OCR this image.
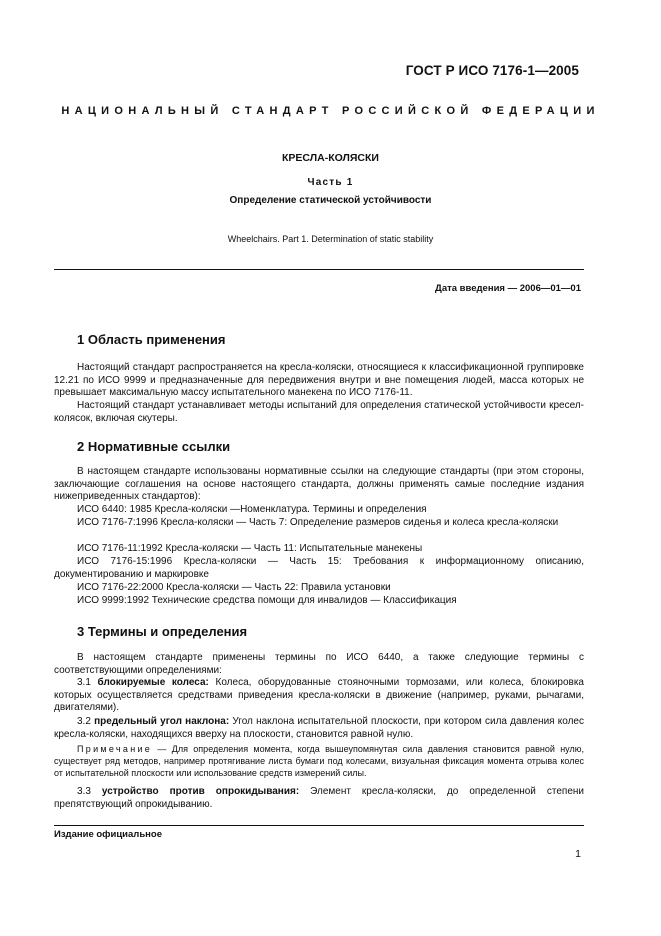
ГОСТ Р ИСО 7176-1—2005
НАЦИОНАЛЬНЫЙ СТАНДАРТ РОССИЙСКОЙ ФЕДЕРАЦИИ
КРЕСЛА-КОЛЯСКИ
Часть 1
Определение статической устойчивости
Wheelchairs. Part 1. Determination of static stability
Дата введения — 2006—01—01
1 Область применения
Настоящий стандарт распространяется на кресла-коляски, относящиеся к классификационной группировке 12.21 по ИСО 9999 и предназначенные для передвижения внутри и вне помещения людей, масса которых не превышает максимальную массу испытательного манекена по ИСО 7176-11.
Настоящий стандарт устанавливает методы испытаний для определения статической устойчивости кресел-колясок, включая скутеры.
2 Нормативные ссылки
В настоящем стандарте использованы нормативные ссылки на следующие стандарты (при этом стороны, заключающие соглашения на основе настоящего стандарта, должны применять самые последние издания нижеприведенных стандартов):
ИСО 6440: 1985 Кресла-коляски —Номенклатура. Термины и определения
ИСО 7176-7:1996 Кресла-коляски — Часть 7: Определение размеров сиденья и колеса кресла-коляски
ИСО 7176-11:1992 Кресла-коляски — Часть 11: Испытательные манекены
ИСО 7176-15:1996 Кресла-коляски — Часть 15: Требования к информационному описанию, документированию и маркировке
ИСО 7176-22:2000 Кресла-коляски — Часть 22: Правила установки
ИСО 9999:1992 Технические средства помощи для инвалидов — Классификация
3 Термины и определения
В настоящем стандарте применены термины по ИСО 6440, а также следующие термины с соответствующими определениями:
3.1 блокируемые колеса: Колеса, оборудованные стояночными тормозами, или колеса, блокировка которых осуществляется средствами приведения кресла-коляски в движение (например, руками, рычагами, двигателями).
3.2 предельный угол наклона: Угол наклона испытательной плоскости, при котором сила давления колес кресла-коляски, находящихся вверху на плоскости, становится равной нулю.
Примечание — Для определения момента, когда вышеупомянутая сила давления становится равной нулю, существует ряд методов, например протягивание листа бумаги под колесами, визуальная фиксация момента отрыва колес от испытательной плоскости или использование средств измерений силы.
3.3 устройство против опрокидывания: Элемент кресла-коляски, до определенной степени препятствующий опрокидыванию.
Издание официальное
1
